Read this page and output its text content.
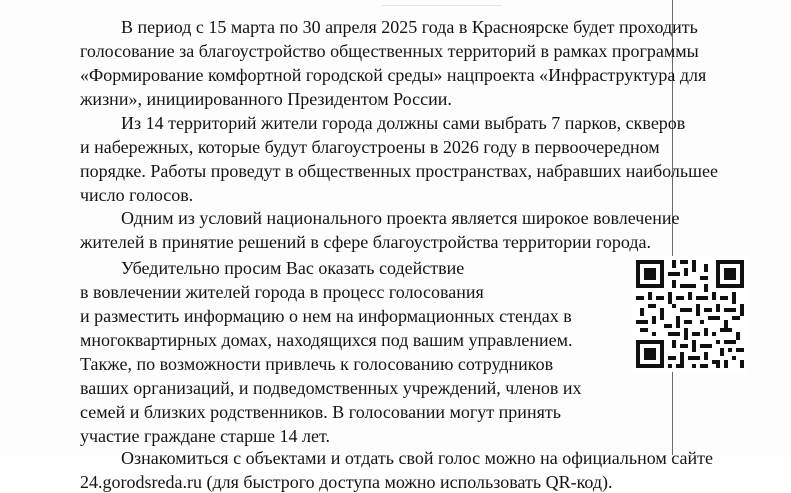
В период с 15 марта по 30 апреля 2025 года в Красноярске будет проходить
голосование за благоустройство общественных территорий в рамках программы
«Формирование комфортной городской среды» нацпроекта «Инфраструктура для
жизни», инициированного Президентом России.
Из 14 территорий жители города должны сами выбрать 7 парков, скверов
и набережных, которые будут благоустроены в 2026 году в первоочередном
порядке. Работы проведут в общественных пространствах, набравших наибольшее
число голосов.
Одним из условий национального проекта является широкое вовлечение
жителей в принятие решений в сфере благоустройства территории города.
Убедительно просим Вас оказать содействие
в вовлечении жителей города в процесс голосования
и разместить информацию о нем на информационных стендах в
многоквартирных домах, находящихся под вашим управлением.
Также, по возможности привлечь к голосованию сотрудников
ваших организаций, и подведомственных учреждений, членов их
семей и близких родственников. В голосовании могут принять
участие граждане старше 14 лет.
Ознакомиться с объектами и отдать свой голос можно на официальном сайте
24.gorodsreda.ru (для быстрого доступа можно использовать QR-код).
